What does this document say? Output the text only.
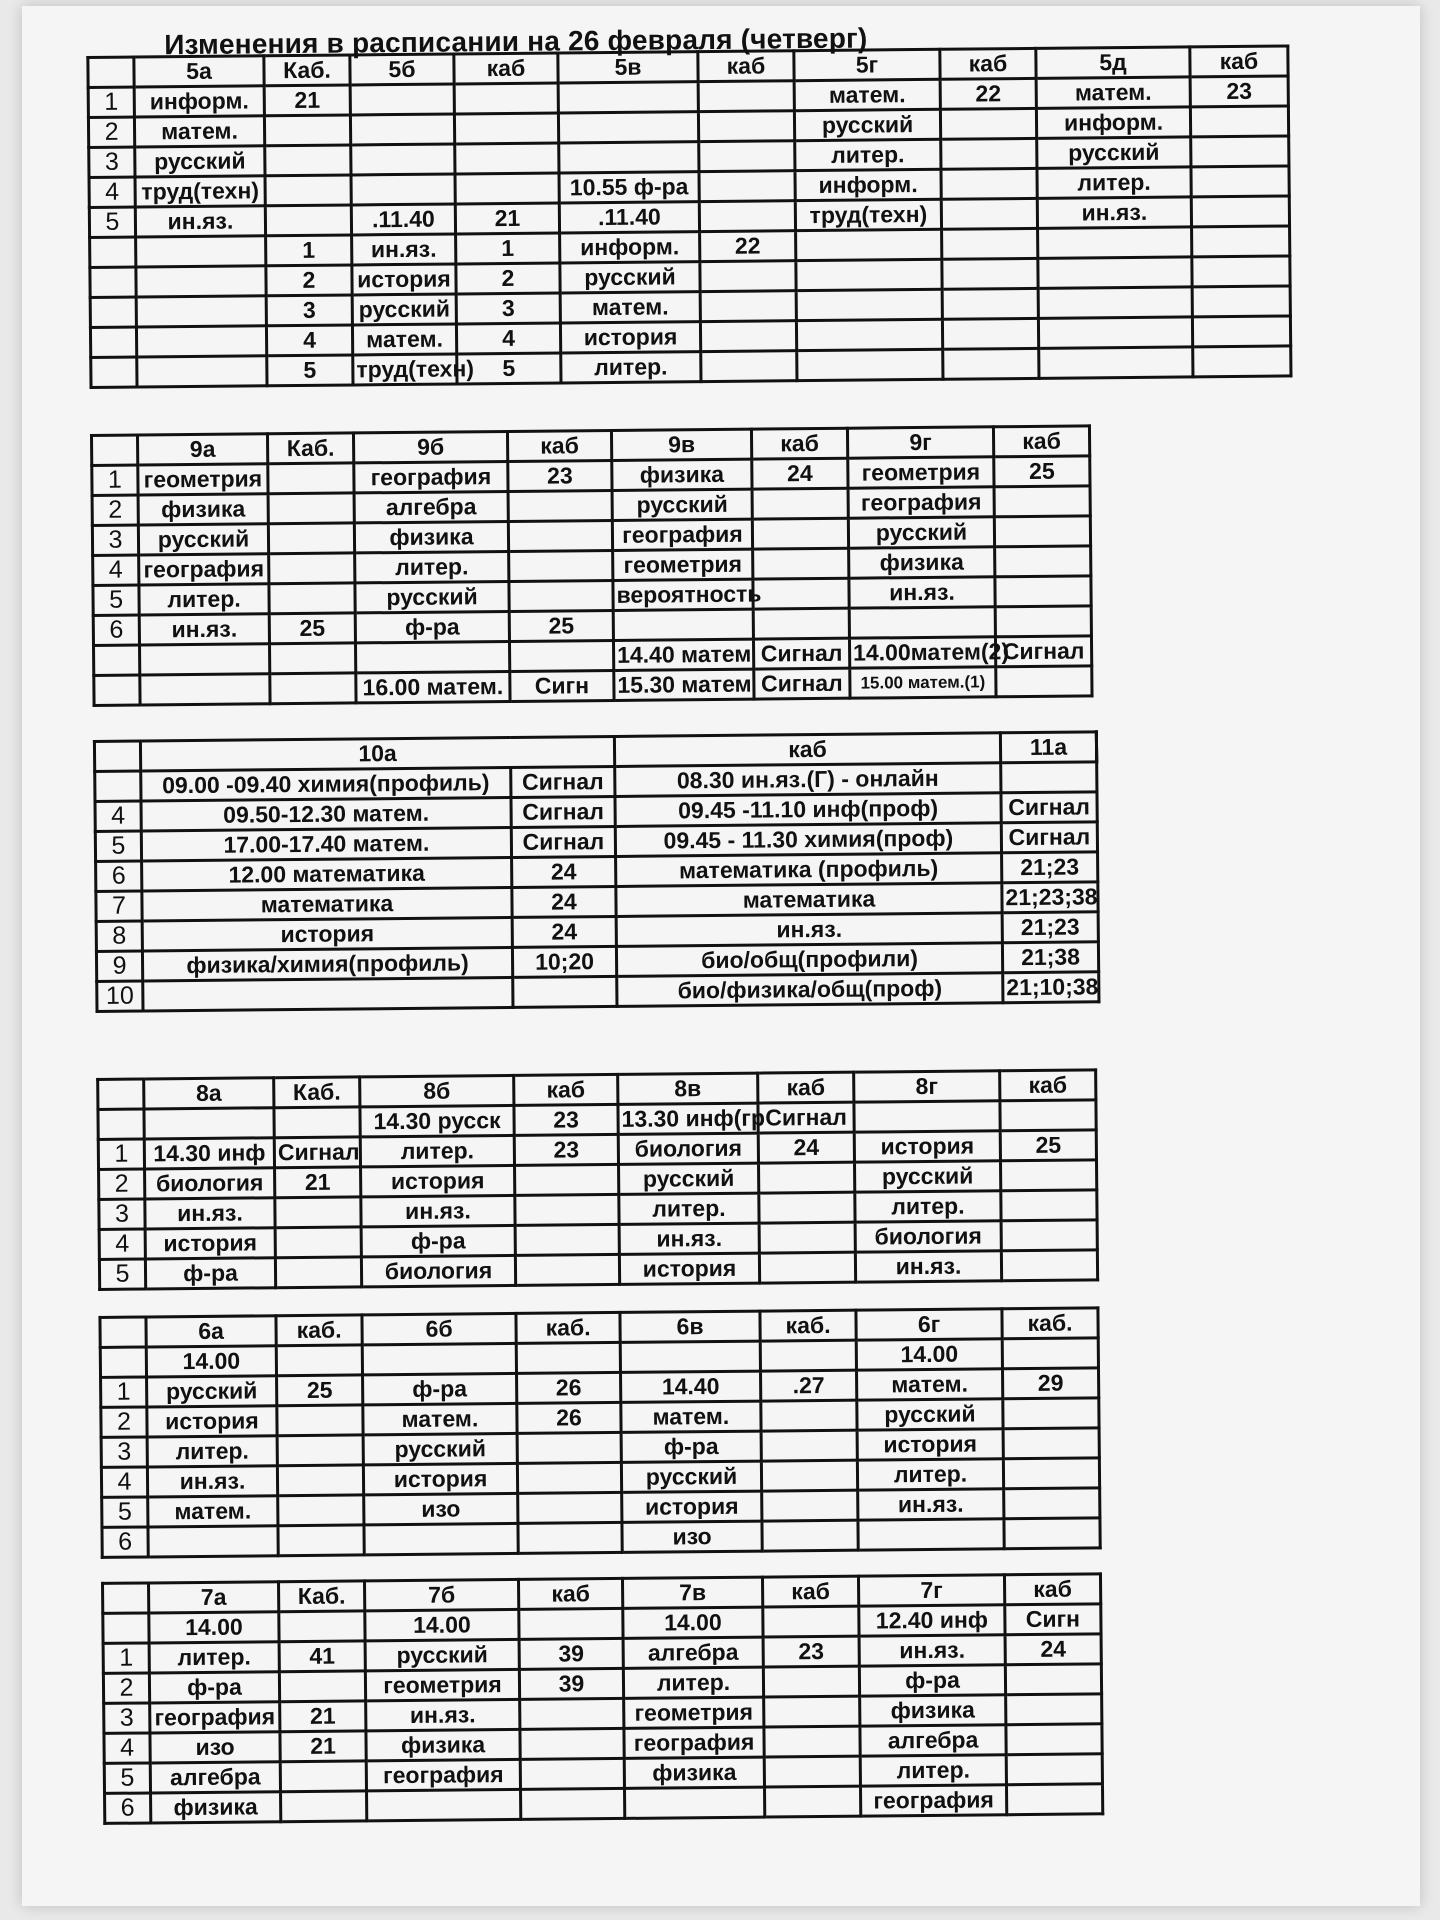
Изменения в расписании на 26 февраля (четверг)
	5а	Каб.	5б	каб	5в	каб	5г	каб	5д	каб
1	информ.	21					матем.	22	матем.	23
2	матем.						русский		информ.	
3	русский						литер.		русский	
4	труд(техн)				10.55 ф-ра		информ.		литер.	
5	ин.яз.		.11.40	21	.11.40		труд(техн)		ин.яз.	
		1	ин.яз.	1	информ.	22				
		2	история	2	русский					
		3	русский	3	матем.					
		4	матем.	4	история					
		5	труд(техн)	5	литер.					
	9а	Каб.	9б	каб	9в	каб	9г	каб
1	геометрия		география	23	физика	24	геометрия	25
2	физика		алгебра		русский		география	
3	русский		физика		география		русский	
4	география		литер.		геометрия		физика	
5	литер.		русский		вероятность		ин.яз.	
6	ин.яз.	25	ф-ра	25				
					14.40 матем	Сигнал	14.00матем(2)	Сигнал
			16.00 матем.	Сигн	15.30 матем	Сигнал	15.00 матем.(1)	
	10а		каб	11а			
	09.00 -09.40 химия(профиль)	Сигнал	08.30 ин.яз.(Г) - онлайн		
4	09.50-12.30 матем.	Сигнал	09.45 -11.10 инф(проф)	Сигнал	
5	17.00-17.40 матем.	Сигнал	09.45 - 11.30 химия(проф)	Сигнал	
6	12.00 математика	24	математика (профиль)	21;23	
7	математика	24	математика	21;23;38	
8	история	24	ин.яз.	21;23	
9	физика/химия(профиль)	10;20	био/общ(профили)	21;38	
10			био/физика/общ(проф)	21;10;38	
	8а	Каб.	8б	каб	8в	каб	8г	каб
			14.30 русск	23	13.30 инф(гр	Сигнал		
1	14.30 инф	Сигнал	литер.	23	биология	24	история	25
2	биология	21	история		русский		русский	
3	ин.яз.		ин.яз.		литер.		литер.	
4	история		ф-ра		ин.яз.		биология	
5	ф-ра		биология		история		ин.яз.	
	6а	каб.	6б	каб.	6в	каб.	6г	каб.
	14.00						14.00	
1	русский	25	ф-ра	26	14.40	.27	матем.	29
2	история		матем.	26	матем.		русский	
3	литер.		русский		ф-ра		история	
4	ин.яз.		история		русский		литер.	
5	матем.		изо		история		ин.яз.	
6					изо			
	7а	Каб.	7б	каб	7в	каб	7г	каб
	14.00		14.00		14.00		12.40 инф	Сигн
1	литер.	41	русский	39	алгебра	23	ин.яз.	24
2	ф-ра		геометрия	39	литер.		ф-ра	
3	география	21	ин.яз.		геометрия		физика	
4	изо	21	физика		география		алгебра	
5	алгебра		география		физика		литер.	
6	физика						география	
